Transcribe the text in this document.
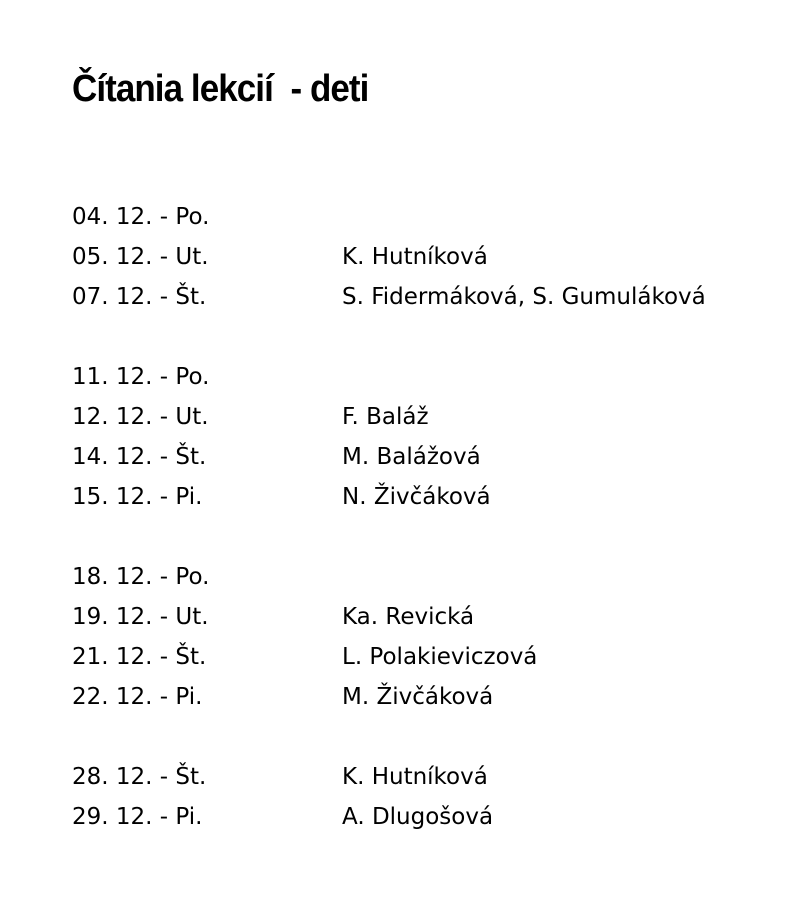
Čítania lekcií  - deti
04. 12. - Po.
05. 12. - Ut.	K. Hutníková
07. 12. - Št.	S. Fidermáková, S. Gumuláková
11. 12. - Po.
12. 12. - Ut.	F. Baláž
14. 12. - Št.	M. Balážová
15. 12. - Pi.	N. Živčáková
18. 12. - Po.
19. 12. - Ut.	Ka. Revická
21. 12. - Št.	L. Polakieviczová
22. 12. - Pi.	M. Živčáková
28. 12. - Št.	K. Hutníková
29. 12. - Pi.	A. Dlugošová
